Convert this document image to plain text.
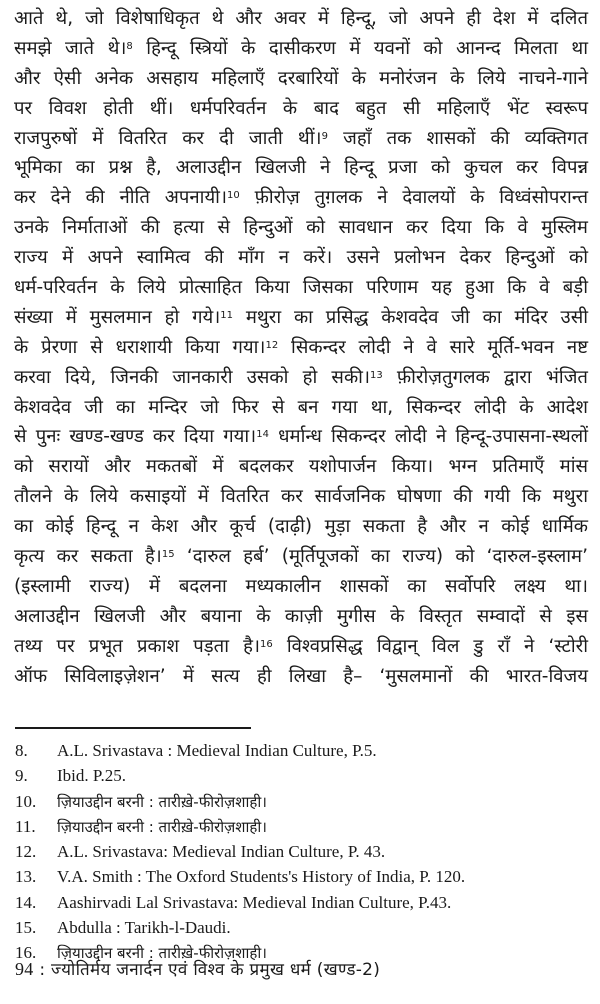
आते थे, जो विशेषाधिकृत थे और अवर में हिन्दू, जो अपने ही देश में दलित
समझे जाते थे।$^8$ हिन्दू स्त्रियों के दासीकरण में यवनों को आनन्द मिलता था
और ऐसी अनेक असहाय महिलाएँ दरबारियों के मनोरंजन के लिये नाचने-गाने
पर विवश होती थीं। धर्मपरिवर्तन के बाद बहुत सी महिलाएँ भेंट स्वरूप
राजपुरुषों में वितरित कर दी जाती थीं।$^9$ जहाँ तक शासकों की व्यक्तिगत
भूमिका का प्रश्न है, अलाउद्दीन खिलजी ने हिन्दू प्रजा को कुचल कर विपन्न
कर देने की नीति अपनायी।$^{10}$ फ़ीरोज़ तुग़लक ने देवालयों के विध्वंसोपरान्त
उनके निर्माताओं की हत्या से हिन्दुओं को सावधान कर दिया कि वे मुस्लिम
राज्य में अपने स्वामित्व की माँग न करें। उसने प्रलोभन देकर हिन्दुओं को
धर्म-परिवर्तन के लिये प्रोत्साहित किया जिसका परिणाम यह हुआ कि वे बड़ी
संख्या में मुसलमान हो गये।$^{11}$ मथुरा का प्रसिद्ध केशवदेव जी का मंदिर उसी
के प्रेरणा से धराशायी किया गया।$^{12}$ सिकन्दर लोदी ने वे सारे मूर्ति-भवन नष्ट
करवा दिये, जिनकी जानकारी उसको हो सकी।$^{13}$ फ़ीरोज़तुगलक द्वारा भंजित
केशवदेव जी का मन्दिर जो फिर से बन गया था, सिकन्दर लोदी के आदेश
से पुनः खण्ड-खण्ड कर दिया गया।$^{14}$ धर्मान्ध सिकन्दर लोदी ने हिन्दू-उपासना-स्थलों
को सरायों और मकतबों में बदलकर यशोपार्जन किया। भग्न प्रतिमाएँ मांस
तौलने के लिये कसाइयों में वितरित कर सार्वजनिक घोषणा की गयी कि मथुरा
का कोई हिन्दू न केश और कूर्च (दाढ़ी) मुड़ा सकता है और न कोई धार्मिक
कृत्य कर सकता है।$^{15}$ ‘दारुल हर्ब’ (मूर्तिपूजकों का राज्य) को ‘दारुल-इस्लाम’
(इस्लामी राज्य) में बदलना मध्यकालीन शासकों का सर्वोपरि लक्ष्य था।
अलाउद्दीन खिलजी और बयाना के काज़ी मुगीस के विस्तृत सम्वादों से इस
तथ्य पर प्रभूत प्रकाश पड़ता है।$^{16}$ विश्वप्रसिद्ध विद्वान् विल डु राँ ने ‘स्टोरी
ऑफ सिविलाइज़ेशन’ में सत्य ही लिखा है– ‘मुसलमानों की भारत-विजय
8. A.L. Srivastava : Medieval Indian Culture, P.5.
9. Ibid. P.25.
10. ज़ियाउद्दीन बरनी : तारीखे़-फीरोज़शाही।
11. ज़ियाउद्दीन बरनी : तारीखे़-फीरोज़शाही।
12. A.L. Srivastava: Medieval Indian Culture, P. 43.
13. V.A. Smith : The Oxford Students's History of India, P. 120.
14. Aashirvadi Lal Srivastava: Medieval Indian Culture, P.43.
15. Abdulla : Tarikh-l-Daudi.
16. ज़ियाउद्दीन बरनी : तारीखे़-फीरोज़शाही।
94 : ज्योतिर्मय जनार्दन एवं विश्व के प्रमुख धर्म (खण्ड-2)
